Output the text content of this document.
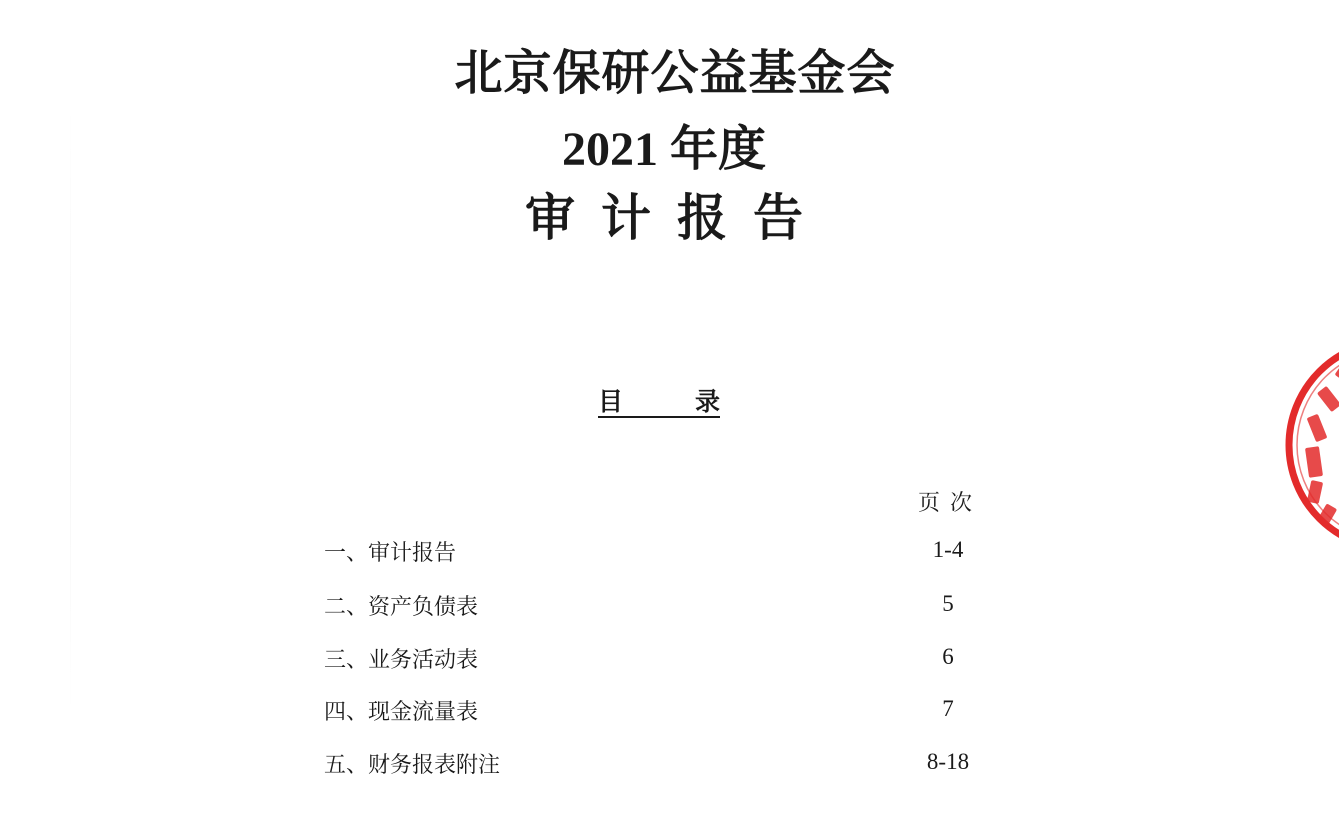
北京保研公益基金会
2021 年度
审计报告
目	录
页次
一、审计报告	1-4
二、资产负债表	5
三、业务活动表	6
四、现金流量表	7
五、财务报表附注	8-18
